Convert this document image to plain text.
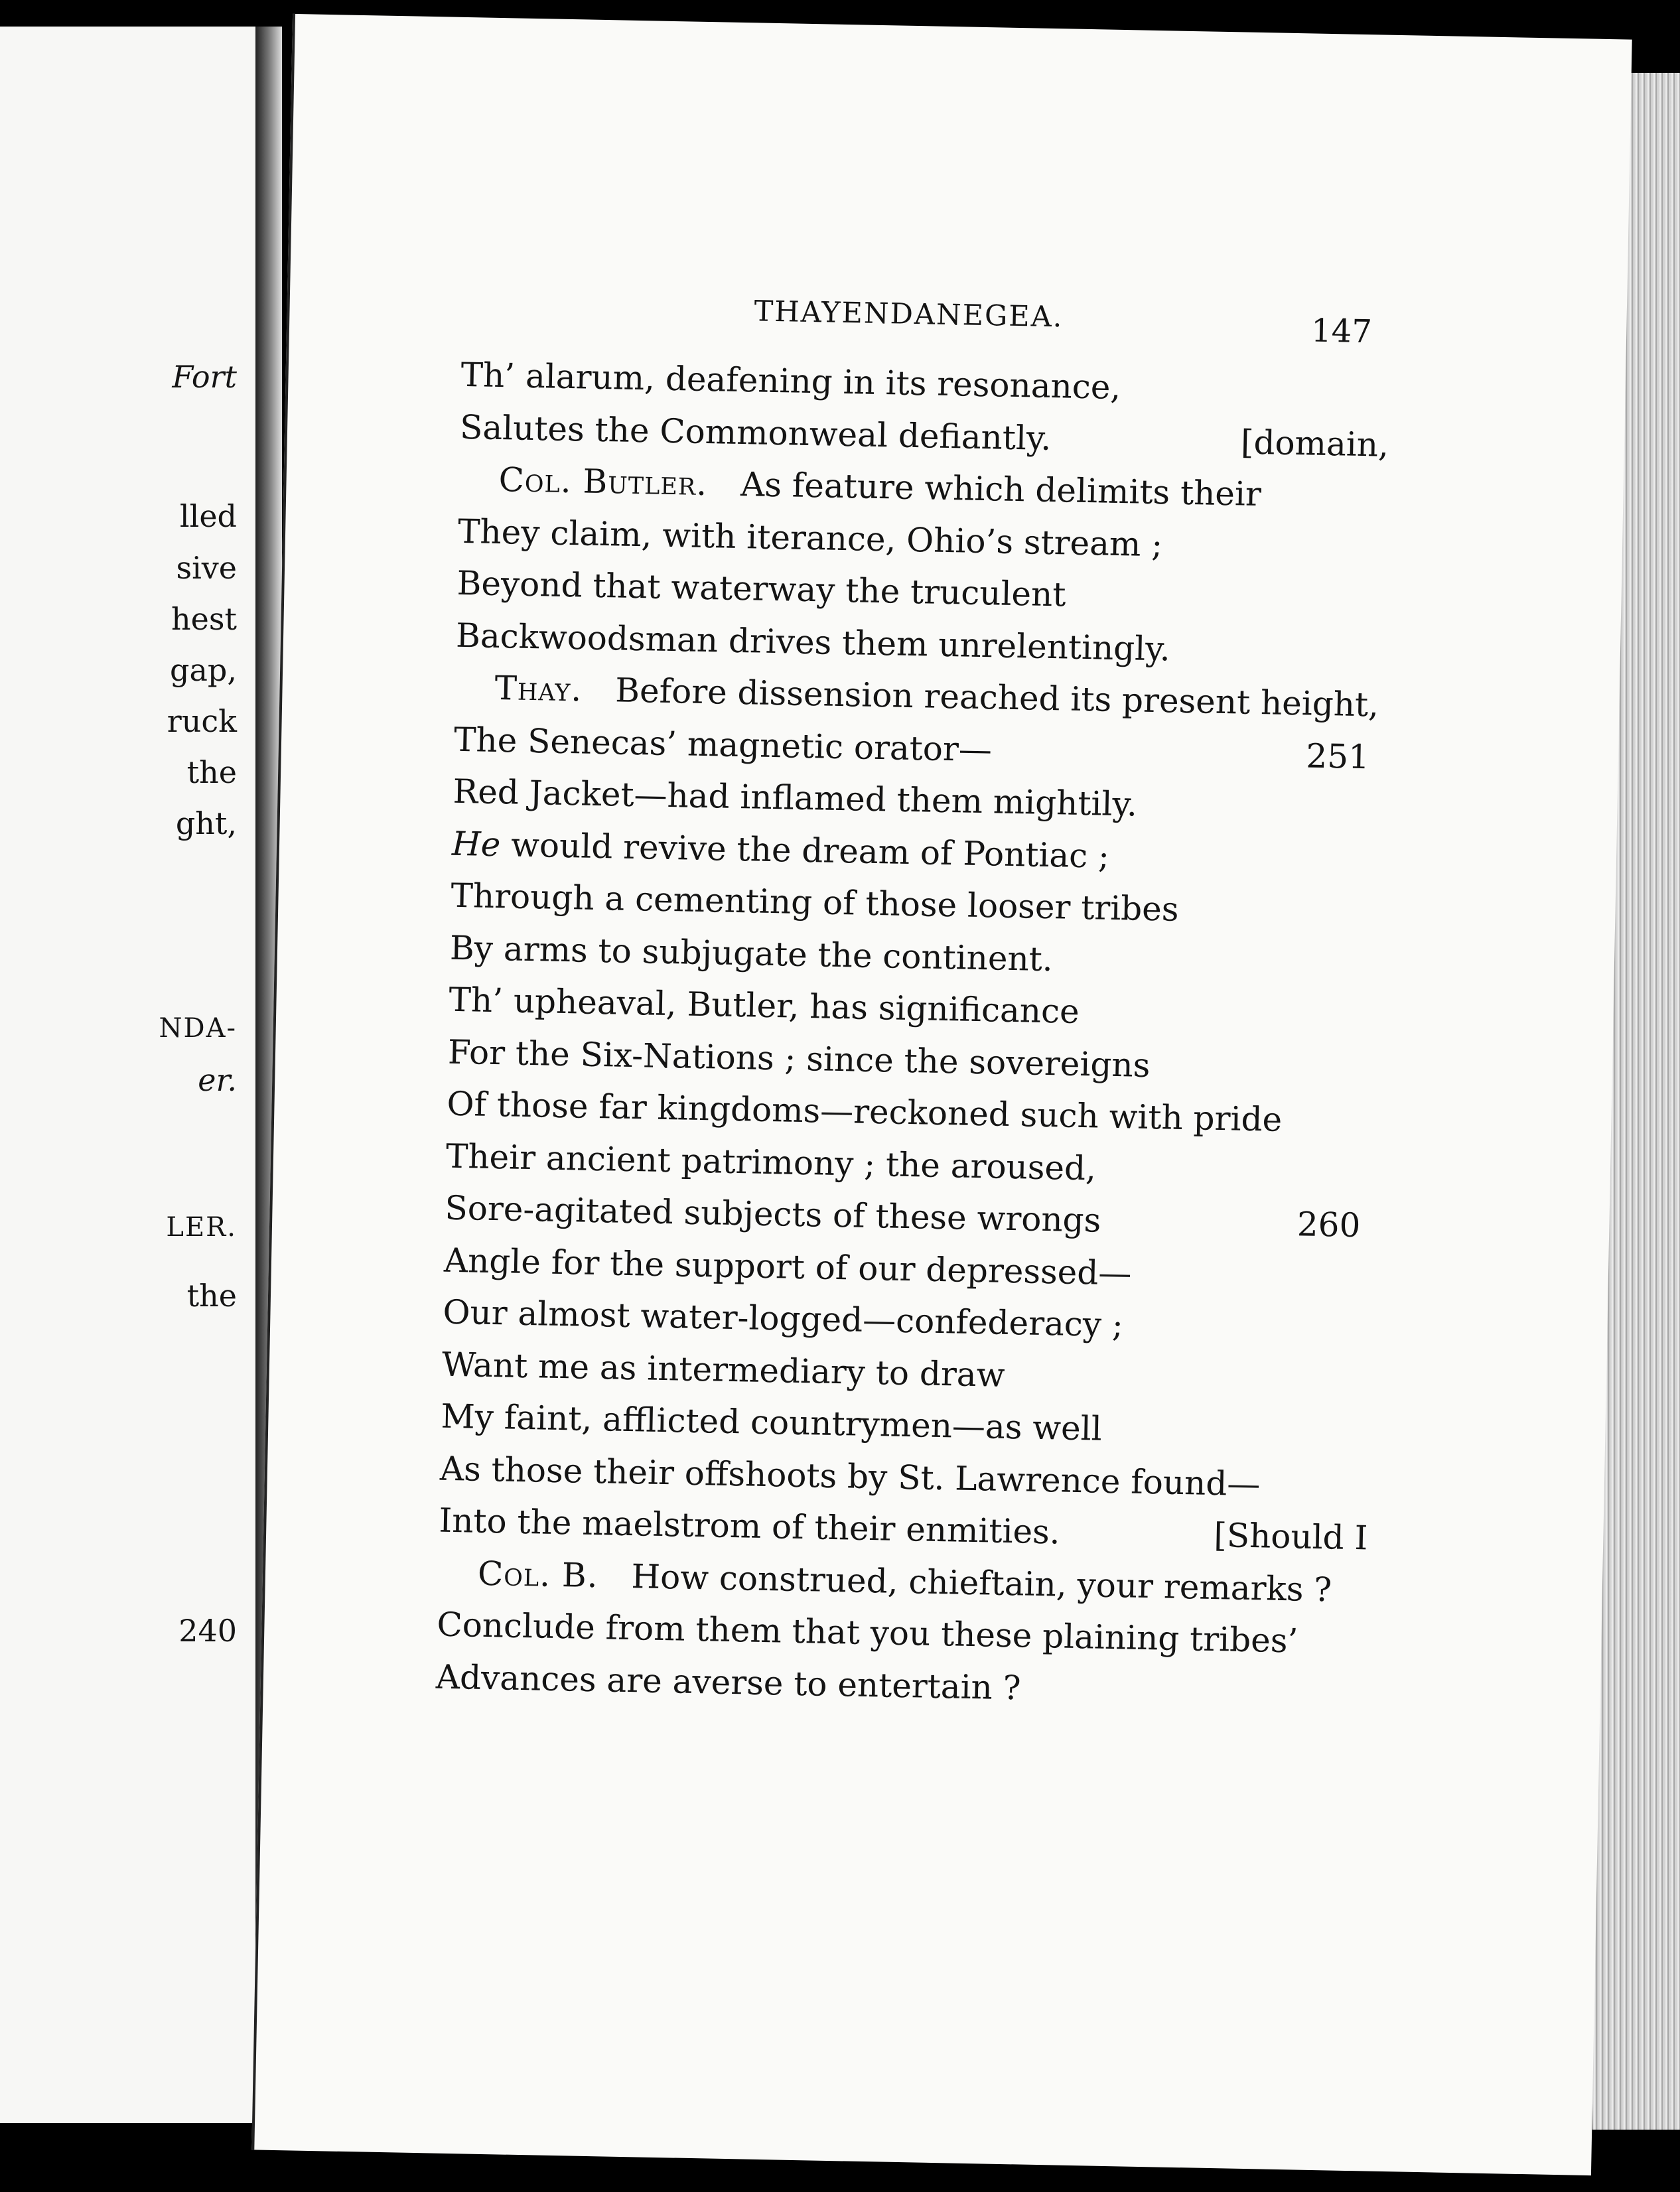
Fort
lled
sive
hest
gap,
ruck
the
ght,
NDA-
er.
LER.
the
240
THAYENDANEGEA.	147
Th’ alarum, deafening in its resonance,
Salutes the Commonweal defiantly.	[domain,
Col. Butler.  As feature which delimits their
They claim, with iterance, Ohio’s stream ;
Beyond that waterway the truculent
Backwoodsman drives them unrelentingly.
Thay.  Before dissension reached its present height,
The Senecas’ magnetic orator—	251
Red Jacket—had inflamed them mightily.
He would revive the dream of Pontiac ;
Through a cementing of those looser tribes
By arms to subjugate the continent.
Th’ upheaval, Butler, has significance
For the Six-Nations ; since the sovereigns
Of those far kingdoms—reckoned such with pride
Their ancient patrimony ; the aroused,
Sore-agitated subjects of these wrongs	260
Angle for the support of our depressed—
Our almost water-logged—confederacy ;
Want me as intermediary to draw
My faint, afflicted countrymen—as well
As those their offshoots by St. Lawrence found—
Into the maelstrom of their enmities.	[Should I
Col. B.  How construed, chieftain, your remarks ?
Conclude from them that you these plaining tribes’
Advances are averse to entertain ?
